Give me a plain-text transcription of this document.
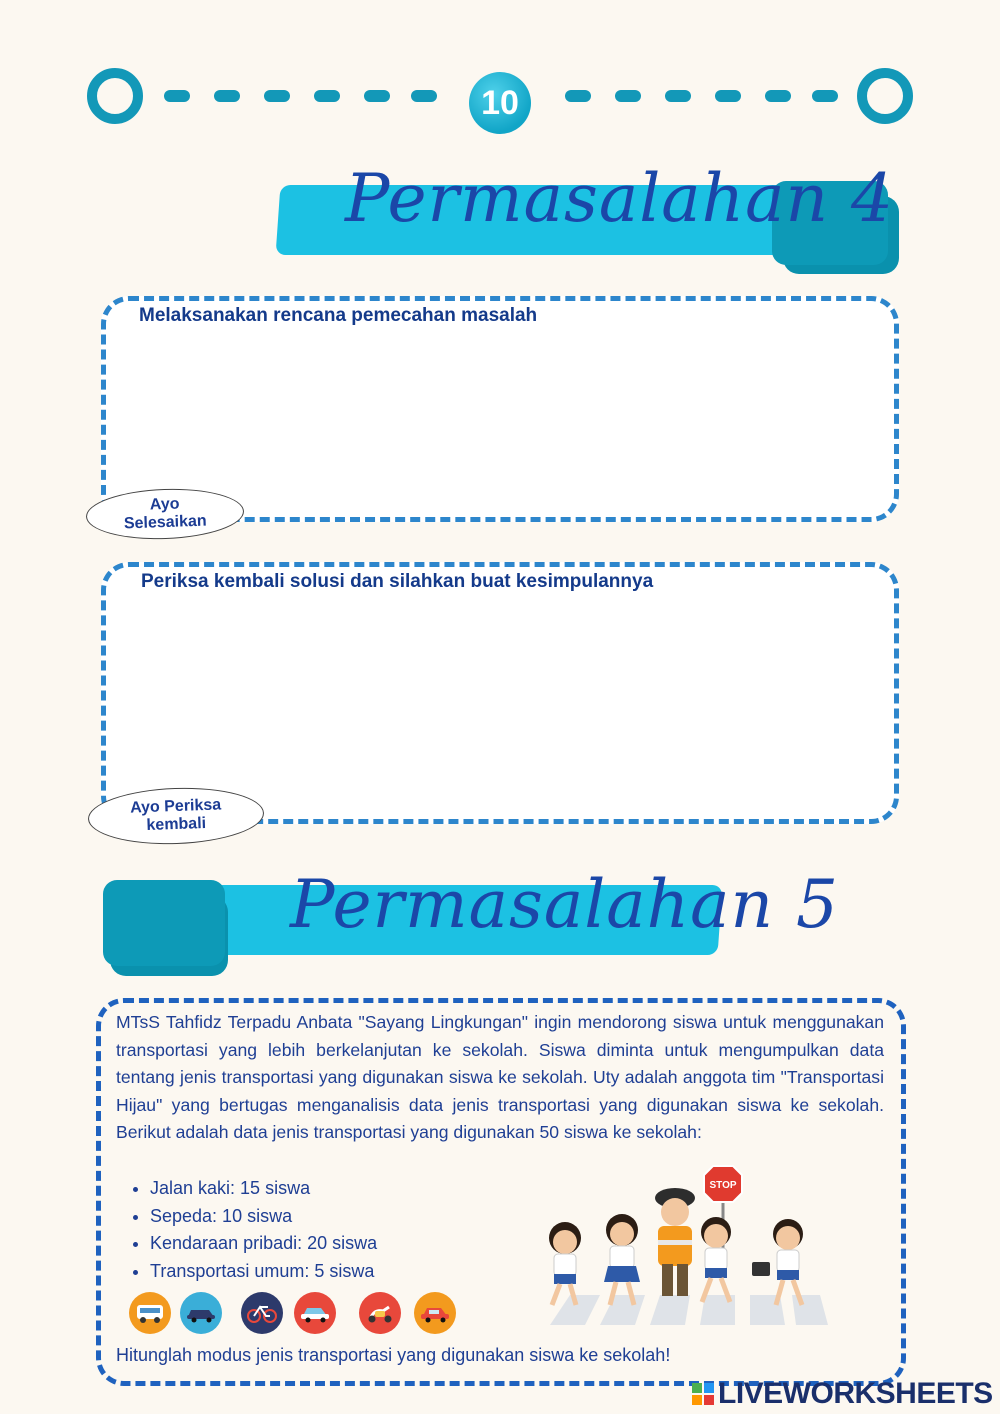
10
Permasalahan 4
Melaksanakan rencana pemecahan masalah
Ayo
Selesaikan
Periksa kembali solusi dan silahkan buat kesimpulannya
Ayo Periksa
kembali
Permasalahan 5
MTsS Tahfidz Terpadu Anbata "Sayang Lingkungan" ingin mendorong siswa untuk menggunakan transportasi yang lebih berkelanjutan ke sekolah. Siswa diminta untuk mengumpulkan data tentang jenis transportasi yang digunakan siswa ke sekolah. Uty adalah anggota tim "Transportasi Hijau" yang bertugas menganalisis data jenis transportasi yang digunakan siswa ke sekolah. Berikut adalah data jenis transportasi yang digunakan 50 siswa ke sekolah:
• Jalan kaki: 15 siswa
• Sepeda: 10 siswa
• Kendaraan pribadi: 20 siswa
• Transportasi umum: 5 siswa
STOP
Hitunglah modus jenis transportasi yang digunakan siswa ke sekolah!
LIVEWORKSHEETS
